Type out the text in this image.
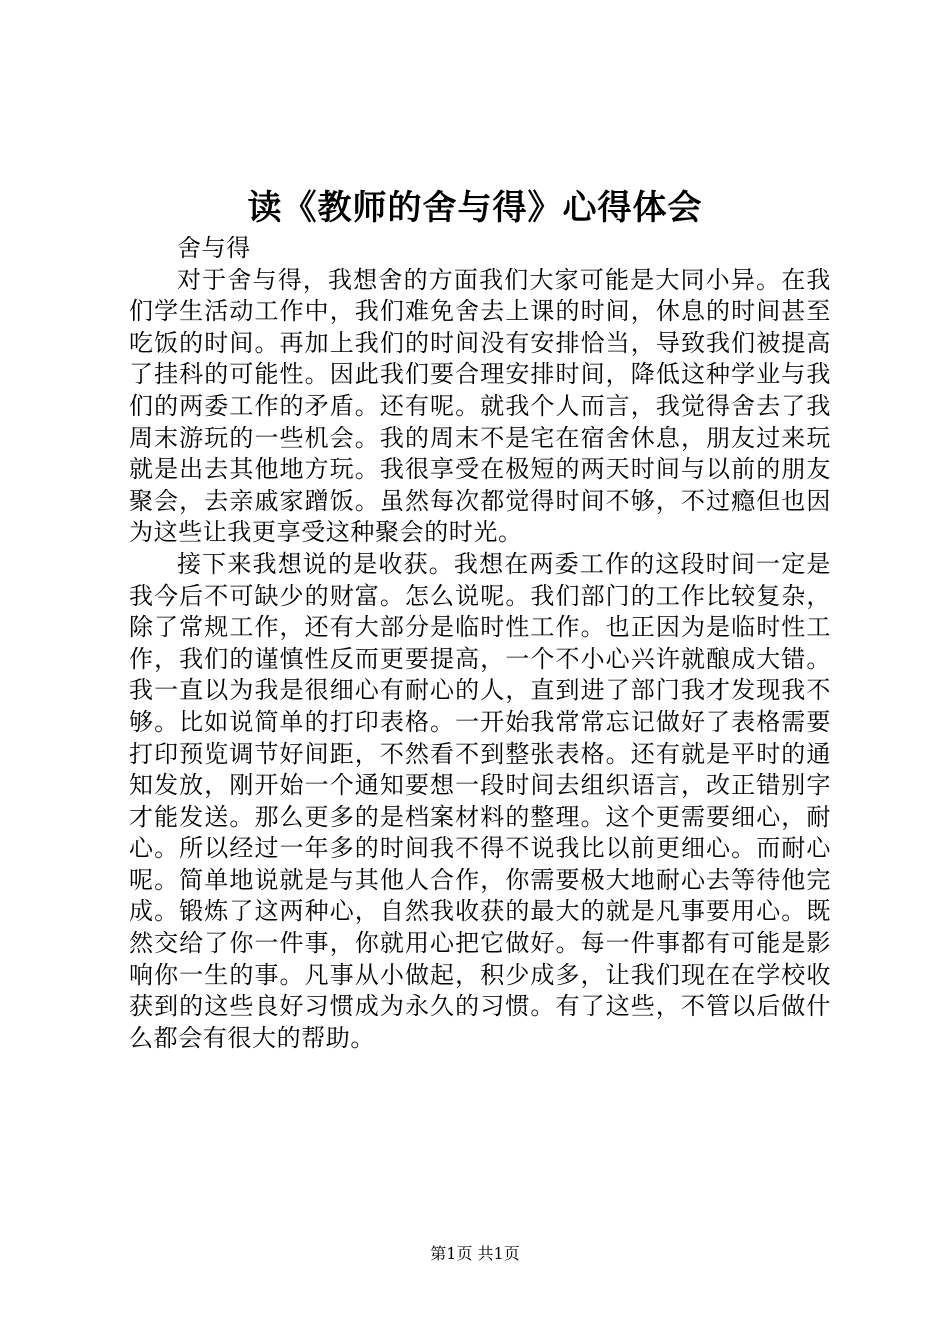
读《教师的舍与得》心得体会

舍与得

对于舍与得，我想舍的方面我们大家可能是大同小异。在我们学生活动工作中，我们难免舍去上课的时间，休息的时间甚至吃饭的时间。再加上我们的时间没有安排恰当，导致我们被提高了挂科的可能性。因此我们要合理安排时间，降低这种学业与我们的两委工作的矛盾。还有呢。就我个人而言，我觉得舍去了我周末游玩的一些机会。我的周末不是宅在宿舍休息，朋友过来玩就是出去其他地方玩。我很享受在极短的两天时间与以前的朋友聚会，去亲戚家蹭饭。虽然每次都觉得时间不够，不过瘾但也因为这些让我更享受这种聚会的时光。

接下来我想说的是收获。我想在两委工作的这段时间一定是我今后不可缺少的财富。怎么说呢。我们部门的工作比较复杂，除了常规工作，还有大部分是临时性工作。也正因为是临时性工作，我们的谨慎性反而更要提高，一个不小心兴许就酿成大错。我一直以为我是很细心有耐心的人，直到进了部门我才发现我不够。比如说简单的打印表格。一开始我常常忘记做好了表格需要打印预览调节好间距，不然看不到整张表格。还有就是平时的通知发放，刚开始一个通知要想一段时间去组织语言，改正错别字才能发送。那么更多的是档案材料的整理。这个更需要细心，耐心。所以经过一年多的时间我不得不说我比以前更细心。而耐心呢。简单地说就是与其他人合作，你需要极大地耐心去等待他完成。锻炼了这两种心，自然我收获的最大的就是凡事要用心。既然交给了你一件事，你就用心把它做好。每一件事都有可能是影响你一生的事。凡事从小做起，积少成多，让我们现在在学校收获到的这些良好习惯成为永久的习惯。有了这些，不管以后做什么都会有很大的帮助。

第1页 共1页
